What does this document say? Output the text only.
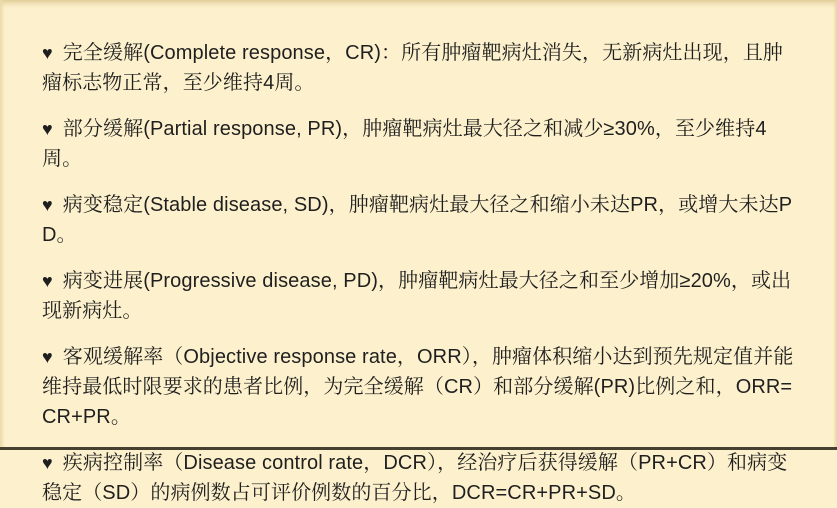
♥ 完全缓解(Complete response，CR)：所有肿瘤靶病灶消失，无新病灶出现，且肿瘤标志物正常，至少维持4周。

♥ 部分缓解(Partial response, PR)，肿瘤靶病灶最大径之和减少≥30%，至少维持4周。

♥ 病变稳定(Stable disease, SD)，肿瘤靶病灶最大径之和缩小未达PR，或增大未达PD。

♥ 病变进展(Progressive disease, PD)，肿瘤靶病灶最大径之和至少增加≥20%，或出现新病灶。

♥ 客观缓解率（Objective response rate，ORR），肿瘤体积缩小达到预先规定值并能维持最低时限要求的患者比例，为完全缓解（CR）和部分缓解(PR)比例之和，ORR=CR+PR。

♥ 疾病控制率（Disease control rate，DCR），经治疗后获得缓解（PR+CR）和病变稳定（SD）的病例数占可评价例数的百分比，DCR=CR+PR+SD。
